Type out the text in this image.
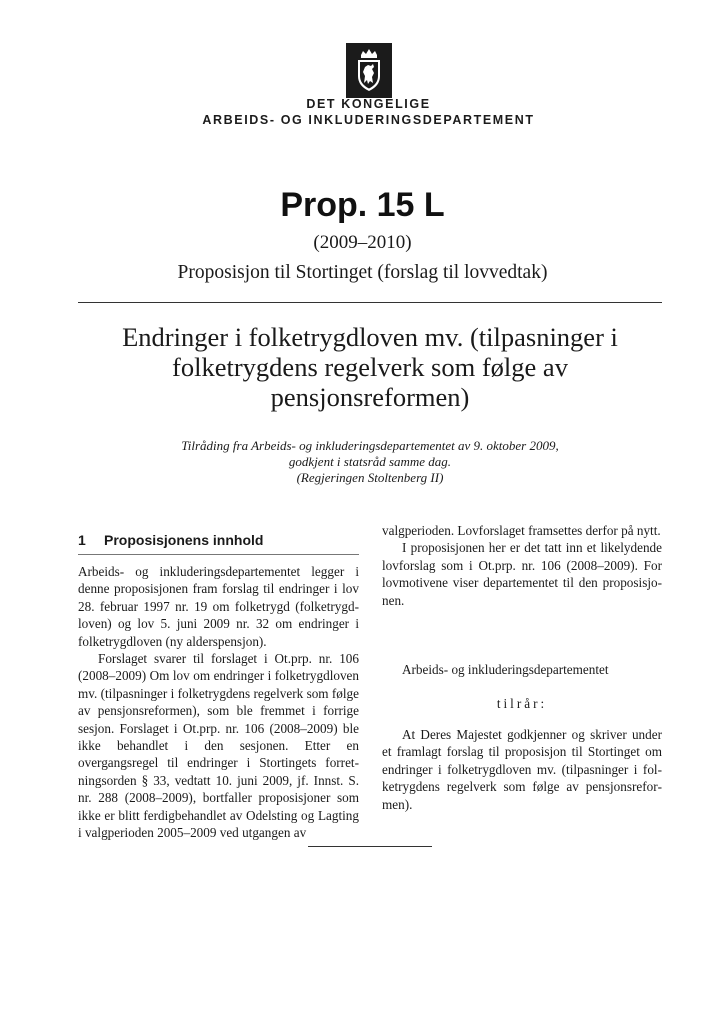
DET KONGELIGE
ARBEIDS- OG INKLUDERINGSDEPARTEMENT
Prop. 15 L
(2009–2010)
Proposisjon til Stortinget (forslag til lovvedtak)
Endringer i folketrygdloven mv. (tilpasninger i
folketrygdens regelverk som følge av
pensjonsreformen)
Tilråding fra Arbeids- og inkluderingsdepartementet av 9. oktober 2009,
godkjent i statsråd samme dag.
(Regjeringen Stoltenberg II)
1 Proposisjonens innhold

Arbeids- og inkluderingsdepartementet legger i denne proposisjonen fram forslag til endringer i lov 28. februar 1997 nr. 19 om folketrygd (folketrygdloven) og lov 5. juni 2009 nr. 32 om endringer i folketrygdloven (ny alderspensjon).

Forslaget svarer til forslaget i Ot.prp. nr. 106 (2008–2009) Om lov om endringer i folketrygdloven mv. (tilpasninger i folketrygdens regelverk som følge av pensjonsreformen), som ble fremmet i forrige sesjon. Forslaget i Ot.prp. nr. 106 (2008–2009) ble ikke behandlet i den sesjonen. Etter en overgangsregel til endringer i Stortingets forretningsorden § 33, vedtatt 10. juni 2009, jf. Innst. S. nr. 288 (2008–2009), bortfaller proposisjoner som ikke er blitt ferdigbehandlet av Odelsting og Lagting i valgperioden 2005–2009 ved utgangen av

valgperioden. Lovforslaget framsettes derfor på nytt.

I proposisjonen her er det tatt inn et likelydende lovforslag som i Ot.prp. nr. 106 (2008–2009). For lovmotivene viser departementet til den proposisjonen.

Arbeids- og inkluderingsdepartementet
tilrår:

At Deres Majestet godkjenner og skriver under et framlagt forslag til proposisjon til Stortinget om endringer i folketrygdloven mv. (tilpasninger i folketrygdens regelverk som følge av pensjonsreformen).
